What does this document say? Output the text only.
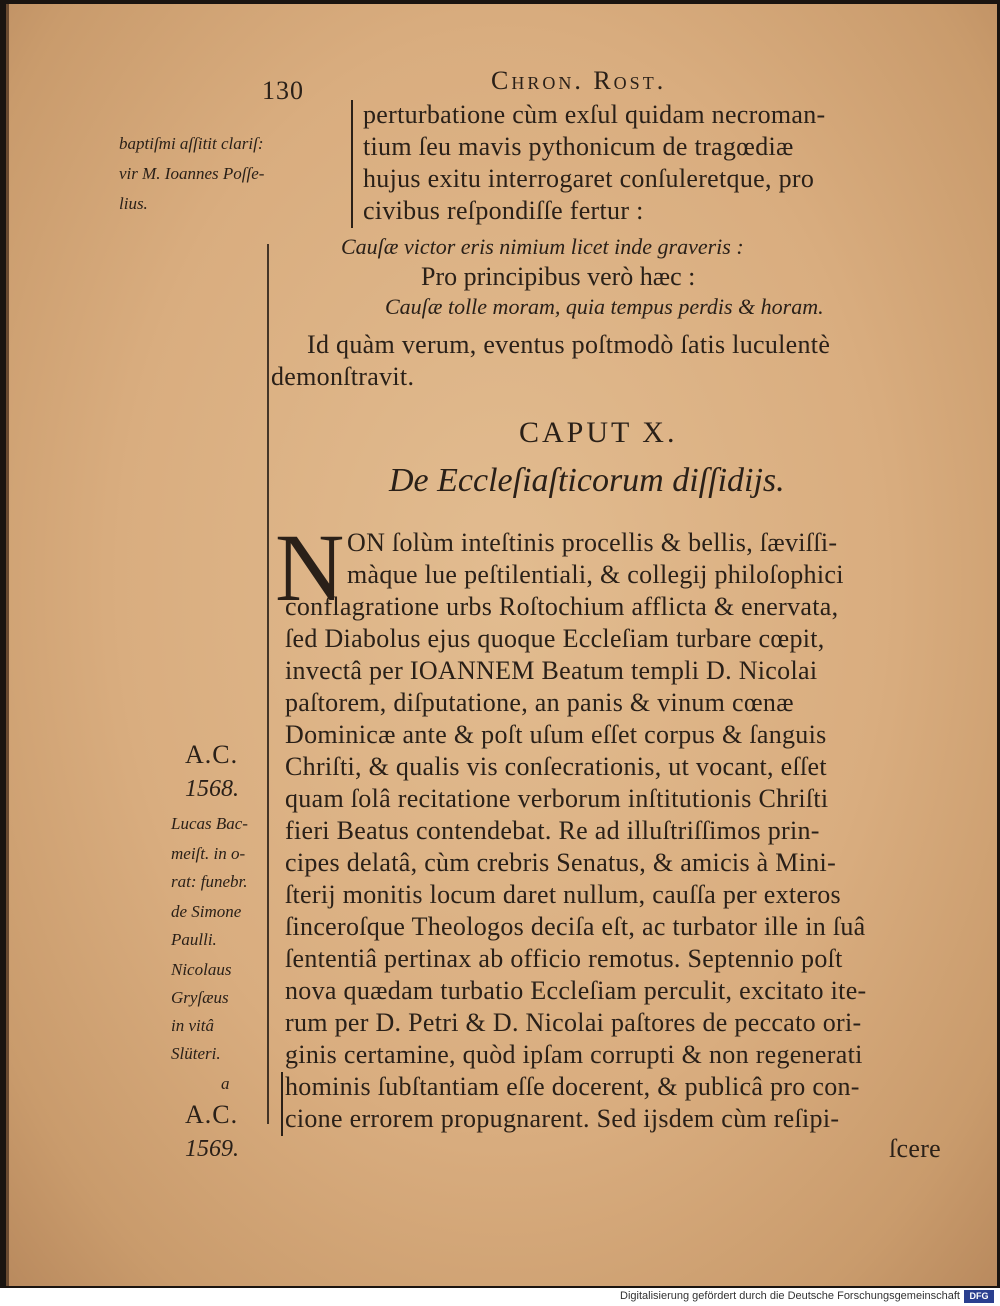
130	Chron. Rost.
baptiſmi aſſitit clariſ:
vir M. Ioannes Poſſe-
lius.
perturbatione cùm exſul quidam necroman-
tium ſeu mavis pythonicum de tragœdiæ
hujus exitu interrogaret conſuleretque, pro
civibus reſpondiſſe fertur :
Cauſæ victor eris nimium licet inde graveris :
Pro principibus verò hæc :
Cauſæ tolle moram, quia tempus perdis & horam.
Id quàm verum, eventus poſtmodò ſatis luculentè
demonſtravit.
CAPUT X.
De Eccleſiaſticorum diſſidijs.
N ON ſolùm inteſtinis procellis & bellis, ſæviſſi-
màque lue peſtilentiali, & collegij philoſophici
conflagratione urbs Roſtochium afflicta & enervata,
ſed Diabolus ejus quoque Eccleſiam turbare cœpit,
invectâ per IOANNEM Beatum templi D. Nicolai
paſtorem, diſputatione, an panis & vinum cœnæ
Dominicæ ante & poſt uſum eſſet corpus & ſanguis
Chriſti, & qualis vis conſecrationis, ut vocant, eſſet
quam ſolâ recitatione verborum inſtitutionis Chriſti
fieri Beatus contendebat. Re ad illuſtriſſimos prin-
cipes delatâ, cùm crebris Senatus, & amicis à Mini-
ſterij monitis locum daret nullum, cauſſa per exteros
ſinceroſque Theologos deciſa eſt, ac turbator ille in ſuâ
ſententiâ pertinax ab officio remotus. Septennio poſt
nova quædam turbatio Eccleſiam perculit, excitato ite-
rum per D. Petri & D. Nicolai paſtores de peccato ori-
ginis certamine, quòd ipſam corrupti & non regenerati
hominis ſubſtantiam eſſe docerent, & publicâ pro con-
cione errorem propugnarent. Sed ijsdem cùm reſipi-
ſcere
A.C.
1568.
Lucas Bac-
meiſt. in o-
rat: funebr.
de Simone
Paulli.
Nicolaus
Gryſæus
in vitâ
Slüteri.
a
A.C.
1569.
Digitalisierung gefördert durch die Deutsche Forschungsgemeinschaft	DFG
